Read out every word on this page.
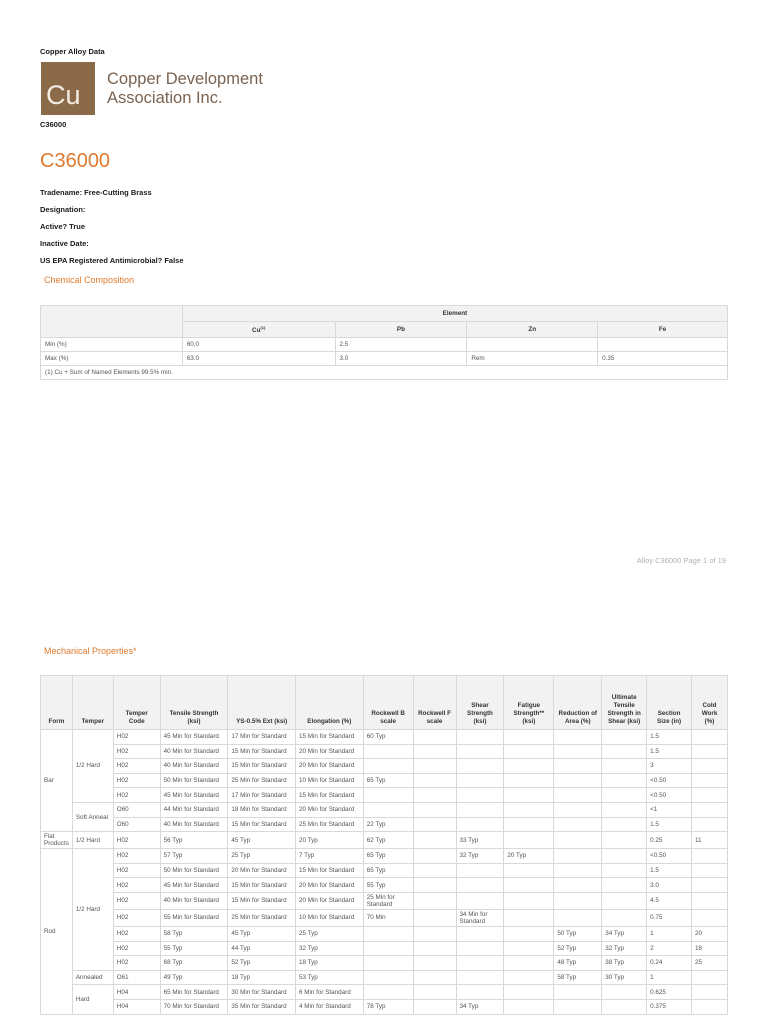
Copper Alloy Data
Cu
Copper Development
Association Inc.
C36000
C36000
Tradename: Free-Cutting Brass
Designation:
Active? True
Inactive Date:
US EPA Registered Antimicrobial? False
Chemical Composition
	Element			
	Cu$^{(1)}$	Pb	Zn	Fe
Min (%)	60.0	2.5		
Max (%)	63.0	3.0	Rem	0.35
(1) Cu + Sum of Named Elements 99.5% min.				
Alloy C36000 Page 1 of 19
Mechanical Properties*
Form	Temper	Temper Code	Tensile Strength (ksi)	YS-0.5% Ext (ksi)	Elongation (%)	Rockwell B scale	Rockwell F scale	Shear Strength (ksi)	Fatigue Strength** (ksi)	Reduction of Area (%)	Ultimate Tensile Strength in Shear (ksi)	Section Size (in)	Cold Work (%)
Bar	1/2 Hard	H02	45 Min for Standard	17 Min for Standard	15 Min for Standard	60 Typ						1.5	
		H02	40 Min for Standard	15 Min for Standard	20 Min for Standard							1.5	
		H02	40 Min for Standard	15 Min for Standard	20 Min for Standard							3	
		H02	50 Min for Standard	25 Min for Standard	10 Min for Standard	65 Typ						<0.50	
		H02	45 Min for Standard	17 Min for Standard	15 Min for Standard							<0.50	
	Soft Anneal	O60	44 Min for Standard	18 Min for Standard	20 Min for Standard							<1	
		O60	40 Min for Standard	15 Min for Standard	25 Min for Standard	22 Typ						1.5	
Flat Products	1/2 Hard	H02	56 Typ	45 Typ	20 Typ	62 Typ		33 Typ				0.25	11
Rod	1/2 Hard	H02	57 Typ	25 Typ	7 Typ	65 Typ		32 Typ	20 Typ			<0.50	
		H02	50 Min for Standard	20 Min for Standard	15 Min for Standard	65 Typ						1.5	
		H02	45 Min for Standard	15 Min for Standard	20 Min for Standard	55 Typ						3.0	
		H02	40 Min for Standard	15 Min for Standard	20 Min for Standard	25 Min for Standard						4.5	
		H02	55 Min for Standard	25 Min for Standard	10 Min for Standard	70 Min		34 Min for Standard				0.75	
		H02	58 Typ	45 Typ	25 Typ					50 Typ	34 Typ	1	20
		H02	55 Typ	44 Typ	32 Typ					52 Typ	32 Typ	2	18
		H02	68 Typ	52 Typ	18 Typ					48 Typ	38 Typ	0.24	25
	Annealed	O61	49 Typ	18 Typ	53 Typ					58 Typ	30 Typ	1	
	Hard	H04	65 Min for Standard	30 Min for Standard	6 Min for Standard							0.625	
		H04	70 Min for Standard	35 Min for Standard	4 Min for Standard	78 Typ		34 Typ				0.375	
